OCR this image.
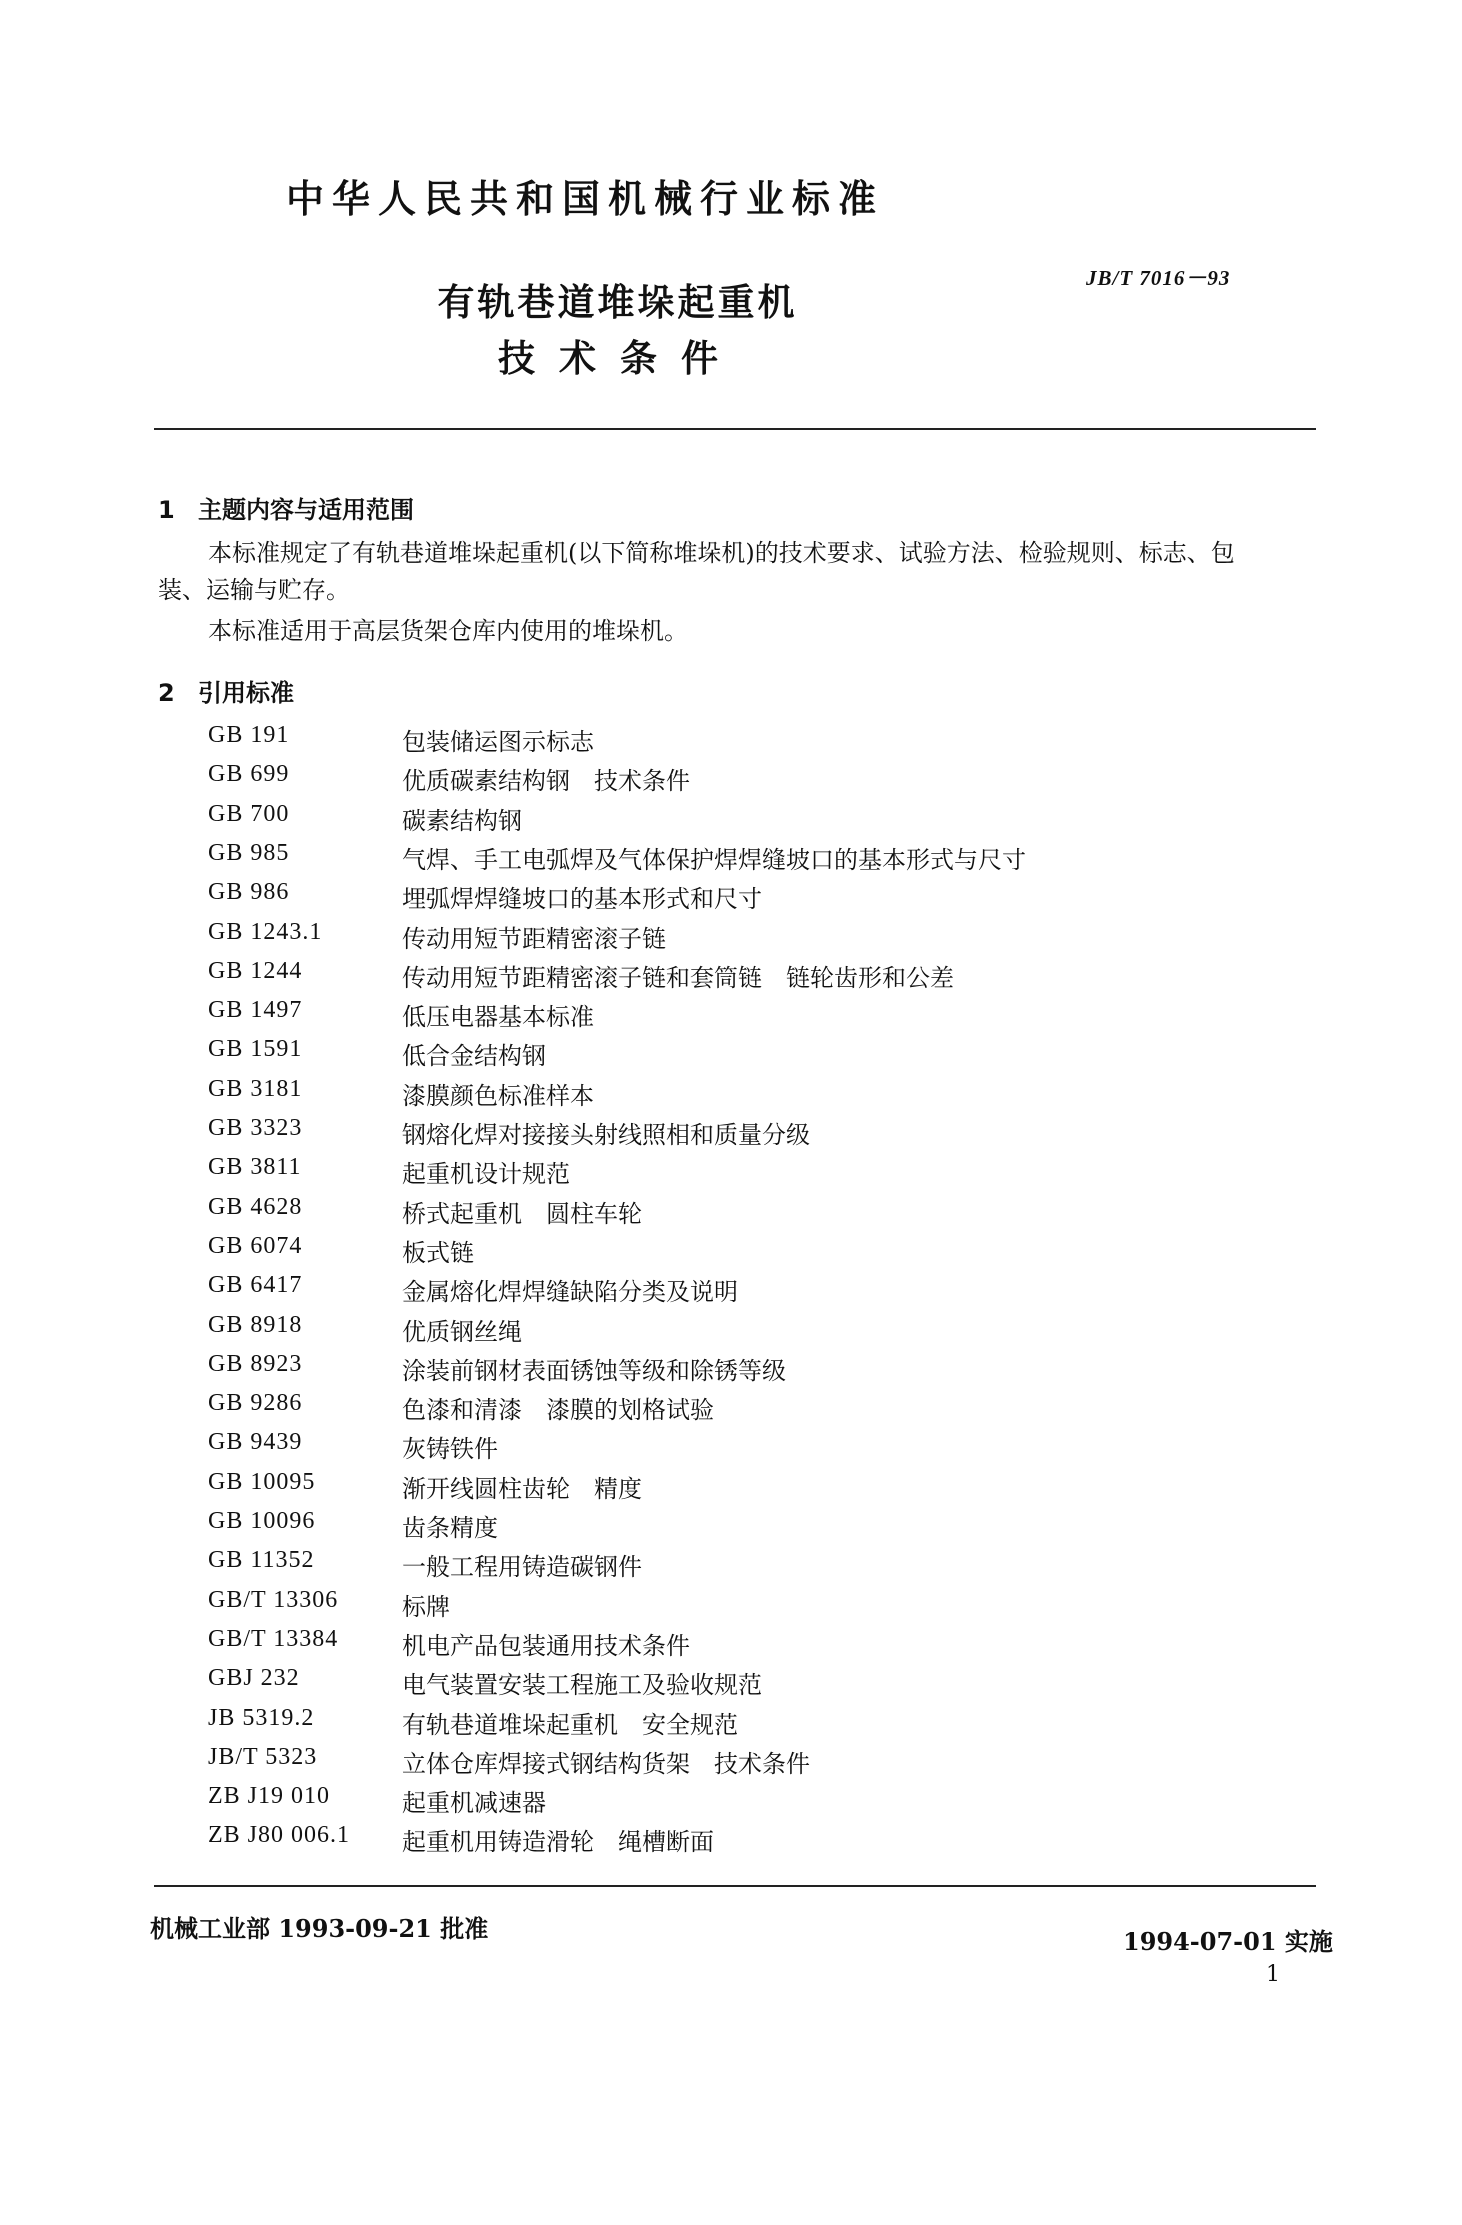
中华人民共和国机械行业标准
JB/T 7016－93
有轨巷道堆垛起重机
技术条件
1 主题内容与适用范围
本标准规定了有轨巷道堆垛起重机(以下简称堆垛机)的技术要求、试验方法、检验规则、标志、包
装、运输与贮存。
本标准适用于高层货架仓库内使用的堆垛机。
2 引用标准
GB 191	包装储运图示标志
GB 699	优质碳素结构钢　技术条件
GB 700	碳素结构钢
GB 985	气焊、手工电弧焊及气体保护焊焊缝坡口的基本形式与尺寸
GB 986	埋弧焊焊缝坡口的基本形式和尺寸
GB 1243.1	传动用短节距精密滚子链
GB 1244	传动用短节距精密滚子链和套筒链　链轮齿形和公差
GB 1497	低压电器基本标准
GB 1591	低合金结构钢
GB 3181	漆膜颜色标准样本
GB 3323	钢熔化焊对接接头射线照相和质量分级
GB 3811	起重机设计规范
GB 4628	桥式起重机　圆柱车轮
GB 6074	板式链
GB 6417	金属熔化焊焊缝缺陷分类及说明
GB 8918	优质钢丝绳
GB 8923	涂装前钢材表面锈蚀等级和除锈等级
GB 9286	色漆和清漆　漆膜的划格试验
GB 9439	灰铸铁件
GB 10095	渐开线圆柱齿轮　精度
GB 10096	齿条精度
GB 11352	一般工程用铸造碳钢件
GB/T 13306	标牌
GB/T 13384	机电产品包装通用技术条件
GBJ 232	电气装置安装工程施工及验收规范
JB 5319.2	有轨巷道堆垛起重机　安全规范
JB/T 5323	立体仓库焊接式钢结构货架　技术条件
ZB J19 010	起重机减速器
ZB J80 006.1 起重机用铸造滑轮　绳槽断面
机械工业部 1993-09-21 批准	1994-07-01 实施
1
